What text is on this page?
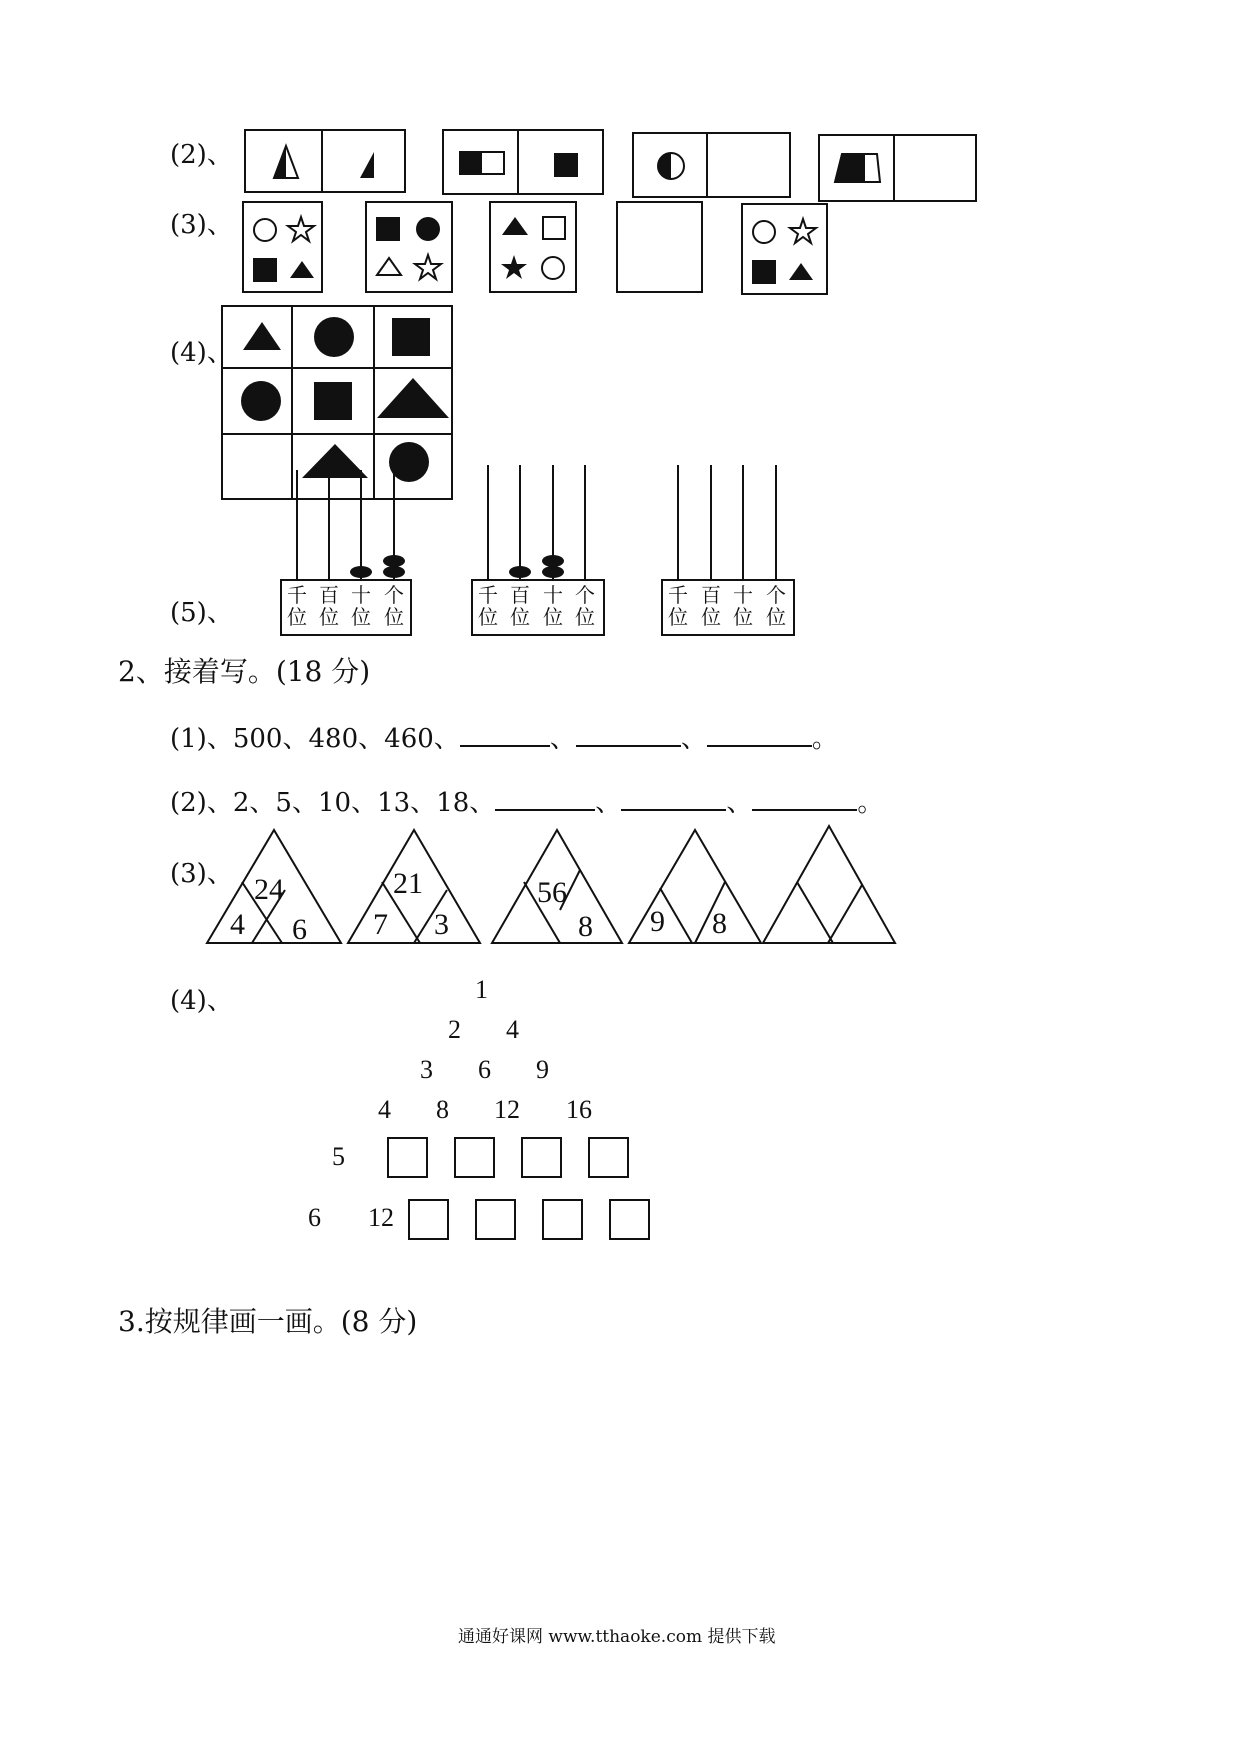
(2)、
(3)、
(4)、
(5)、
千
位
百
位
十
位
个
位
千
位
百
位
十
位
个
位
千
位
百
位
十
位
个
位
2、接着写。(18 分)
(1)、500、480、460、	、	、	。
(2)、2、5、10、13、18、	、	、	。
(3)、 24
4 6
21
7 3
56
8 9 8
(4)、	1
2 4
3 6 9
4 8 12 16
5
6 12
3.按规律画一画。(8 分)
通通好课网 www.tthaoke.com 提供下载
